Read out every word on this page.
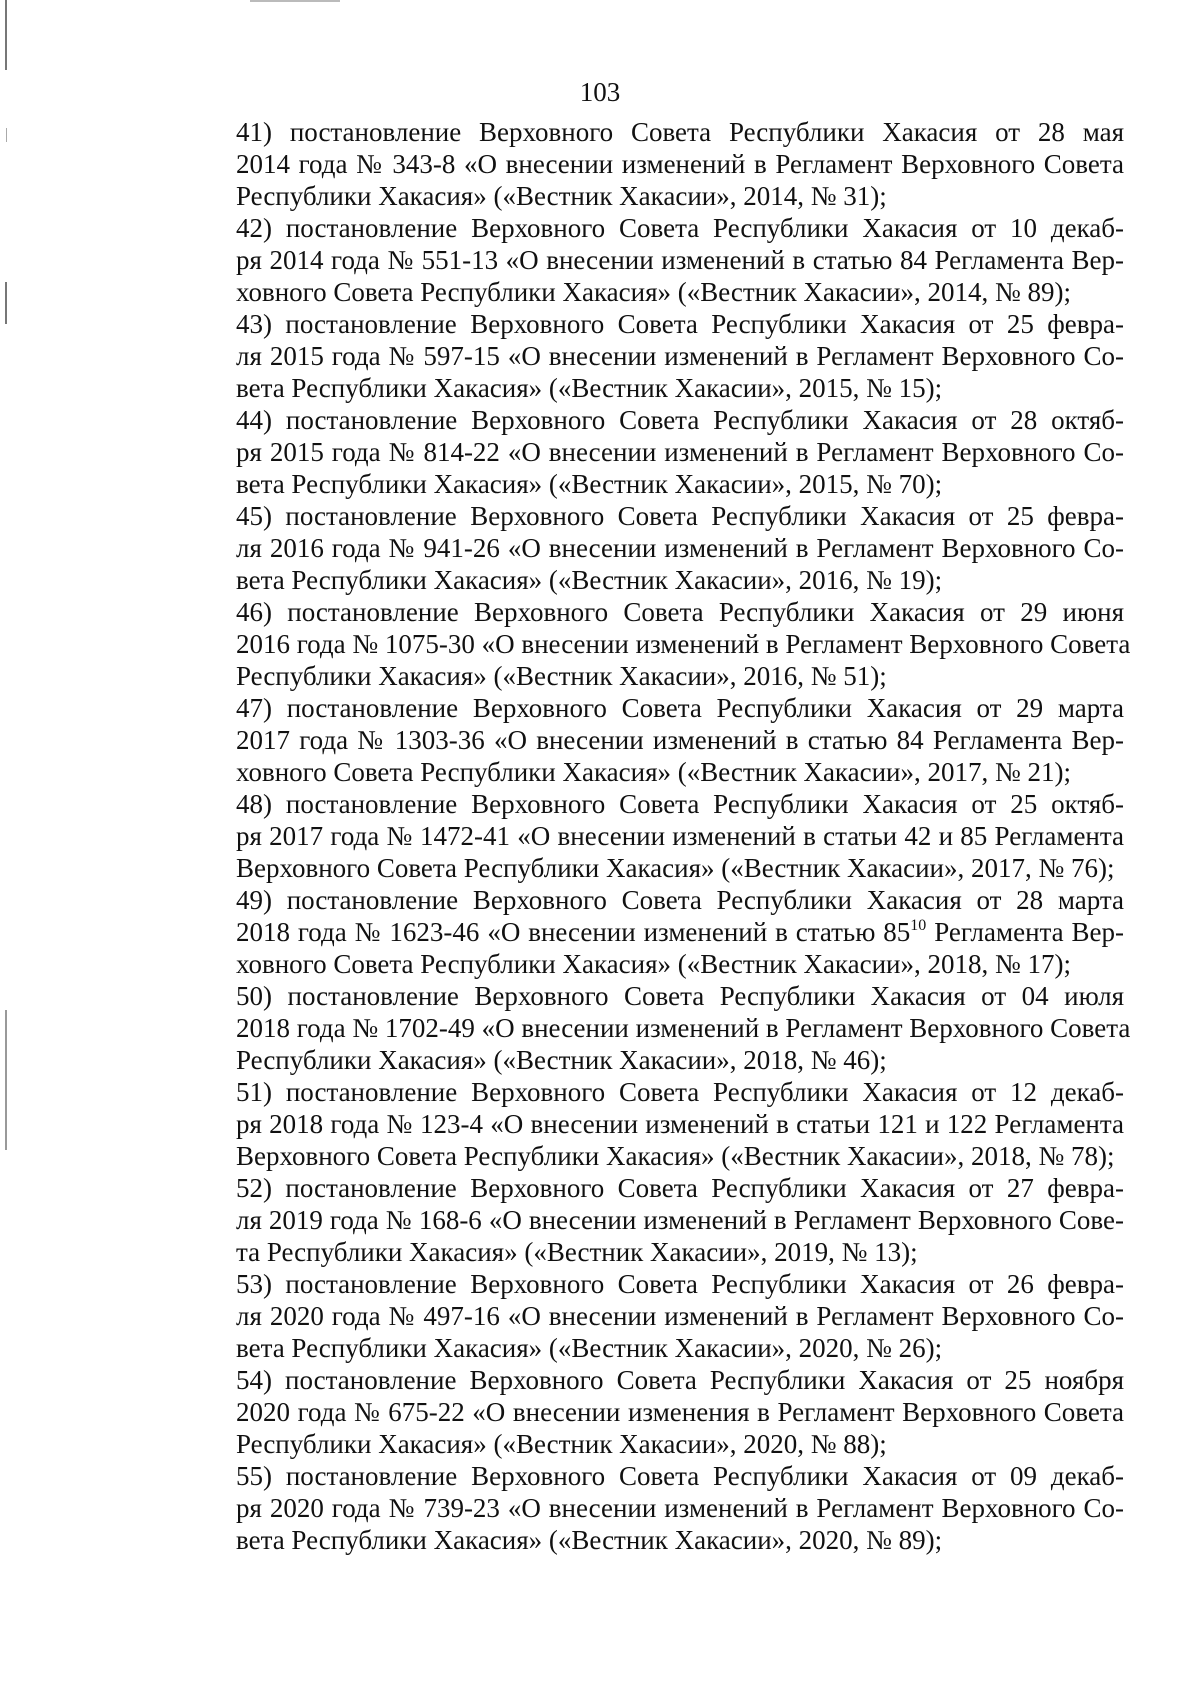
103

41) постановление Верховного Совета Республики Хакасия от 28 мая
2014 года № 343-8 «О внесении изменений в Регламент Верховного Совета
Республики Хакасия» («Вестник Хакасии», 2014, № 31);

42) постановление Верховного Совета Республики Хакасия от 10 декаб-
ря 2014 года № 551-13 «О внесении изменений в статью 84 Регламента Вер-
ховного Совета Республики Хакасия» («Вестник Хакасии», 2014, № 89);

43) постановление Верховного Совета Республики Хакасия от 25 февра-
ля 2015 года № 597-15 «О внесении изменений в Регламент Верховного Со-
вета Республики Хакасия» («Вестник Хакасии», 2015, № 15);

44) постановление Верховного Совета Республики Хакасия от 28 октяб-
ря 2015 года № 814-22 «О внесении изменений в Регламент Верховного Со-
вета Республики Хакасия» («Вестник Хакасии», 2015, № 70);

45) постановление Верховного Совета Республики Хакасия от 25 февра-
ля 2016 года № 941-26 «О внесении изменений в Регламент Верховного Со-
вета Республики Хакасия» («Вестник Хакасии», 2016, № 19);

46) постановление Верховного Совета Республики Хакасия от 29 июня
2016 года № 1075-30 «О внесении изменений в Регламент Верховного Совета
Республики Хакасия» («Вестник Хакасии», 2016, № 51);

47) постановление Верховного Совета Республики Хакасия от 29 марта
2017 года № 1303-36 «О внесении изменений в статью 84 Регламента Вер-
ховного Совета Республики Хакасия» («Вестник Хакасии», 2017, № 21);

48) постановление Верховного Совета Республики Хакасия от 25 октяб-
ря 2017 года № 1472-41 «О внесении изменений в статьи 42 и 85 Регламента
Верховного Совета Республики Хакасия» («Вестник Хакасии», 2017, № 76);

49) постановление Верховного Совета Республики Хакасия от 28 марта
2018 года № 1623-46 «О внесении изменений в статью $85^{10}$ Регламента Вер-
ховного Совета Республики Хакасия» («Вестник Хакасии», 2018, № 17);

50) постановление Верховного Совета Республики Хакасия от 04 июля
2018 года № 1702-49 «О внесении изменений в Регламент Верховного Совета
Республики Хакасия» («Вестник Хакасии», 2018, № 46);

51) постановление Верховного Совета Республики Хакасия от 12 декаб-
ря 2018 года № 123-4 «О внесении изменений в статьи 121 и 122 Регламента
Верховного Совета Республики Хакасия» («Вестник Хакасии», 2018, № 78);

52) постановление Верховного Совета Республики Хакасия от 27 февра-
ля 2019 года № 168-6 «О внесении изменений в Регламент Верховного Сове-
та Республики Хакасия» («Вестник Хакасии», 2019, № 13);

53) постановление Верховного Совета Республики Хакасия от 26 февра-
ля 2020 года № 497-16 «О внесении изменений в Регламент Верховного Со-
вета Республики Хакасия» («Вестник Хакасии», 2020, № 26);

54) постановление Верховного Совета Республики Хакасия от 25 ноября
2020 года № 675-22 «О внесении изменения в Регламент Верховного Совета
Республики Хакасия» («Вестник Хакасии», 2020, № 88);

55) постановление Верховного Совета Республики Хакасия от 09 декаб-
ря 2020 года № 739-23 «О внесении изменений в Регламент Верховного Со-
вета Республики Хакасия» («Вестник Хакасии», 2020, № 89);
